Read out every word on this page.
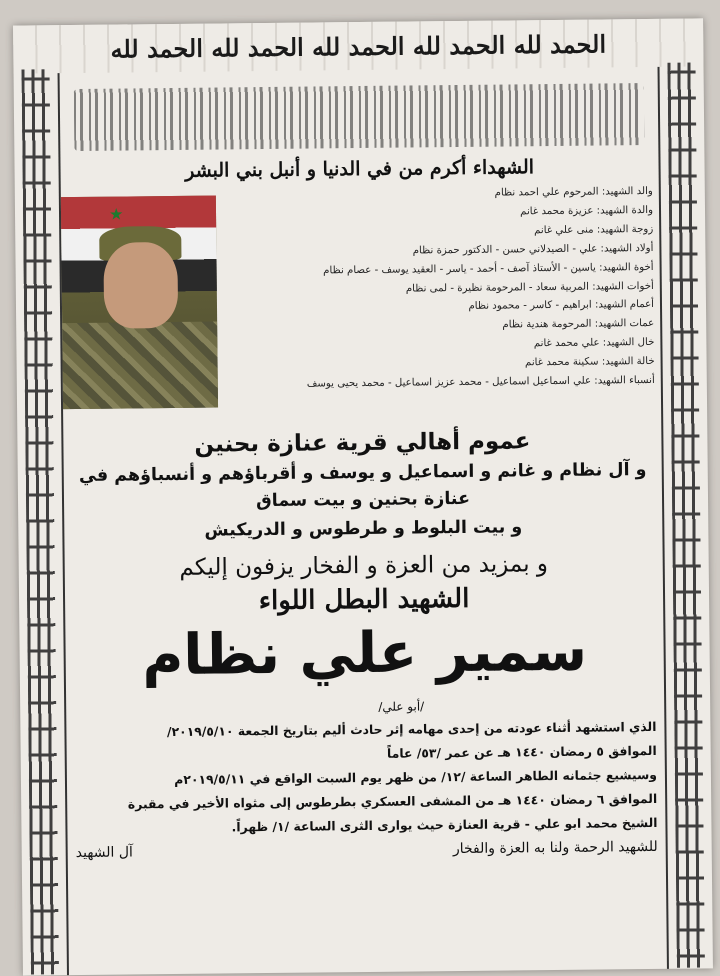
الحمد لله الحمد لله الحمد لله الحمد لله الحمد لله
الشهداء أكرم من في الدنيا و أنبل بني البشر
والد الشهيد: المرحوم علي احمد نظام
والدة الشهيد: عزيزة محمد غانم
زوجة الشهيد: منى علي غانم
أولاد الشهيد: علي - الصيدلاني حسن - الدكتور حمزة نظام
أخوة الشهيد: ياسين - الأستاذ آصف - أحمد - ياسر - العقيد يوسف - عصام نظام
أخوات الشهيد: المربية سعاد - المرحومة نظيرة - لمى نظام
أعمام الشهيد: ابراهيم - كاسر - محمود نظام
عمات الشهيد: المرحومة هندية نظام
خال الشهيد: علي محمد غانم
خالة الشهيد: سكينة محمد غانم
أنسباء الشهيد: علي اسماعيل اسماعيل - محمد عزيز اسماعيل - محمد يحيى يوسف
★
عموم أهالي قرية عنازة بحنين
و آل نظام و غانم و اسماعيل و يوسف و أقرباؤهم و أنسباؤهم في عنازة بحنين و بيت سماق
و بيت البلوط و طرطوس و الدريكيش
و بمزيد من العزة و الفخار يزفون إليكم
الشهيد البطل اللواء
سمير علي نظام
/أبو علي/

الذي استشهد أثناء عودته من إحدى مهامه إثر حادث أليم بتاريخ الجمعة ٢٠١٩/٥/١٠/

الموافق ٥ رمضان ١٤٤٠ هـ عن عمر /٥٣/ عاماً

وسيشيع جثمانه الطاهر الساعة /١٢/ من ظهر يوم السبت الواقع في ٢٠١٩/٥/١١م

الموافق ٦ رمضان ١٤٤٠ هـ من المشفى العسكري بطرطوس إلى مثواه الأخير في مقبرة

الشيخ محمد ابو علي - قرية العنازة حيث يوارى الثرى الساعة /١/ ظهراً.

للشهيد الرحمة ولنا به العزة والفخار
آل الشهيد
